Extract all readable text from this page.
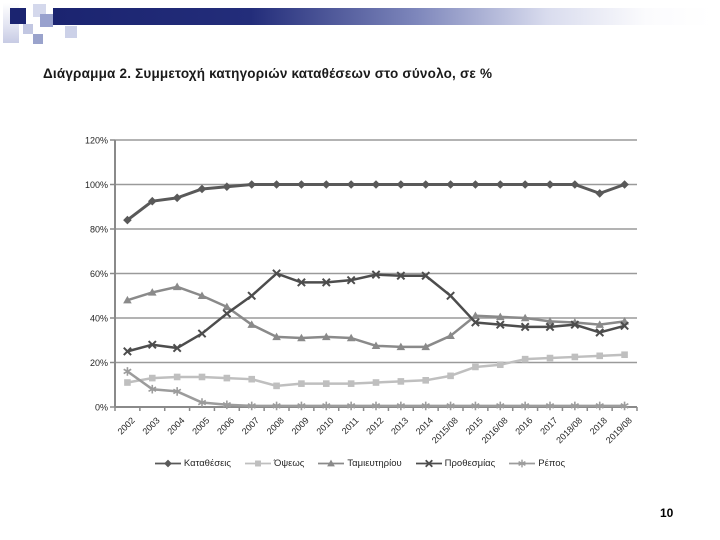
Διάγραμμα 2. Συμμετοχή κατηγοριών καταθέσεων στο σύνολο, σε %
0%
20%
40%
60%
80%
100%
120%
2002 2003 2004 2005 2006 2007 2008 2009 2010 2011 2012 2013 2014
2015/08 2015
2016/08 2016 2017
2018/08 2018
2019/08
Καταθέσεις	Όψεως	Ταμιευτηρίου	Προθεσμίας	Ρέπος
10
